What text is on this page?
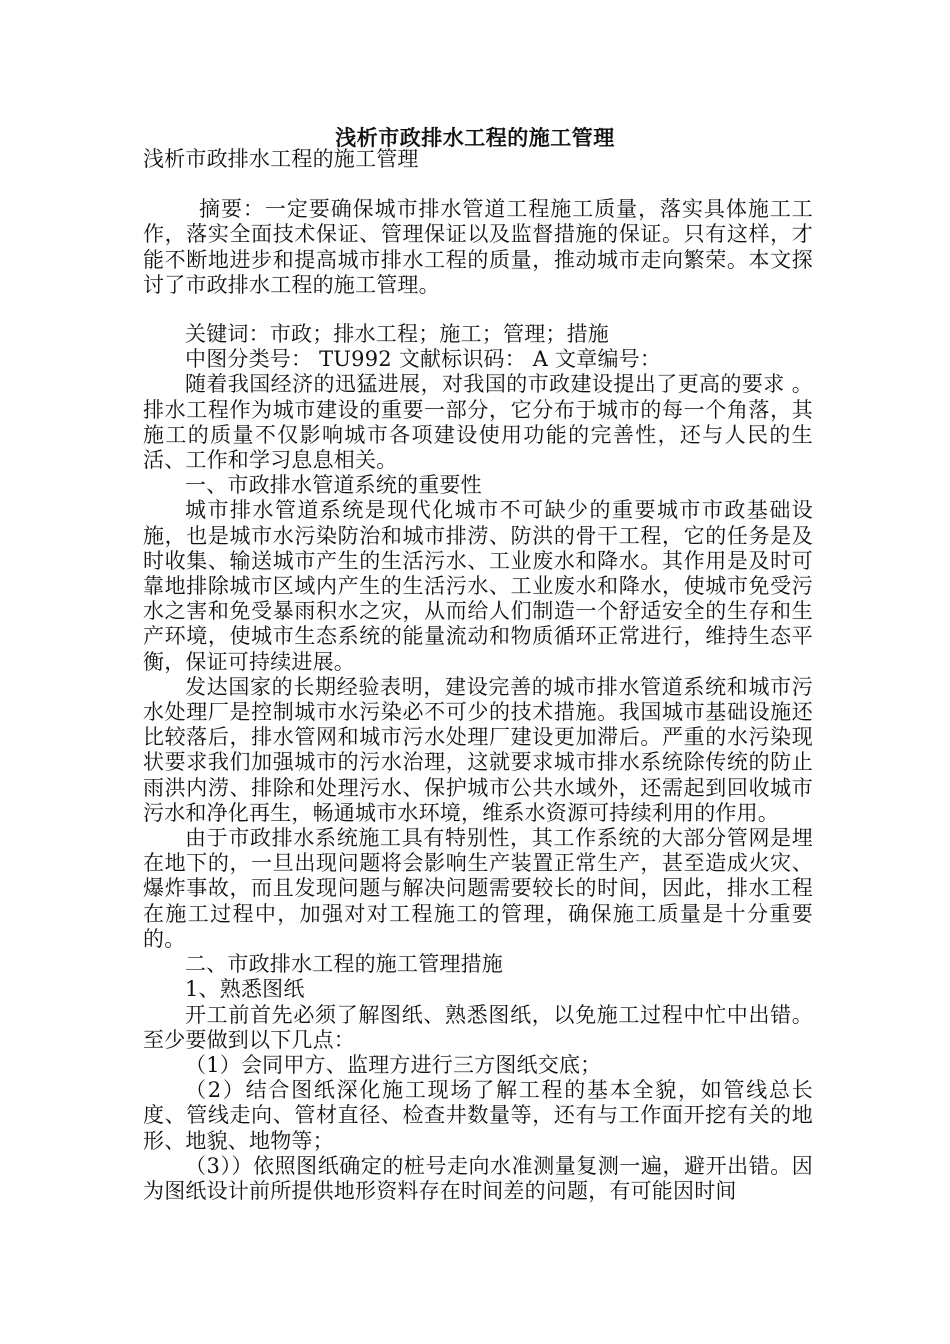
浅析市政排水工程的施工管理

浅析市政排水工程的施工管理

摘要：一定要确保城市排水管道工程施工质量，落实具体施工工作，落实全面技术保证、管理保证以及监督措施的保证。只有这样，才能不断地进步和提高城市排水工程的质量，推动城市走向繁荣。本文探讨了市政排水工程的施工管理。

关键词：市政；排水工程；施工；管理；措施

中图分类号： TU992 文献标识码： A 文章编号：

随着我国经济的迅猛进展，对我国的市政建设提出了更高的要求 。排水工程作为城市建设的重要一部分，它分布于城市的每一个角落，其施工的质量不仅影响城市各项建设使用功能的完善性，还与人民的生活、工作和学习息息相关。

一、市政排水管道系统的重要性

城市排水管道系统是现代化城市不可缺少的重要城市市政基础设施，也是城市水污染防治和城市排涝、防洪的骨干工程，它的任务是及时收集、输送城市产生的生活污水、工业废水和降水。其作用是及时可靠地排除城市区域内产生的生活污水、工业废水和降水，使城市免受污水之害和免受暴雨积水之灾，从而给人们制造一个舒适安全的生存和生产环境，使城市生态系统的能量流动和物质循环正常进行，维持生态平衡，保证可持续进展。

发达国家的长期经验表明，建设完善的城市排水管道系统和城市污水处理厂是控制城市水污染必不可少的技术措施。我国城市基础设施还比较落后，排水管网和城市污水处理厂建设更加滞后。严重的水污染现状要求我们加强城市的污水治理，这就要求城市排水系统除传统的防止雨洪内涝、排除和处理污水、保护城市公共水域外，还需起到回收城市污水和净化再生，畅通城市水环境，维系水资源可持续利用的作用。

由于市政排水系统施工具有特别性，其工作系统的大部分管网是埋在地下的，一旦出现问题将会影响生产装置正常生产，甚至造成火灾、爆炸事故，而且发现问题与解决问题需要较长的时间，因此，排水工程在施工过程中，加强对对工程施工的管理，确保施工质量是十分重要的。

二、市政排水工程的施工管理措施

1、熟悉图纸

开工前首先必须了解图纸、熟悉图纸，以免施工过程中忙中出错。至少要做到以下几点：

（1）会同甲方、监理方进行三方图纸交底；

（2）结合图纸深化施工现场了解工程的基本全貌，如管线总长度、管线走向、管材直径、检查井数量等，还有与工作面开挖有关的地形、地貌、地物等；

（3））依照图纸确定的桩号走向水准测量复测一遍，避开出错。因为图纸设计前所提供地形资料存在时间差的问题，有可能因时间
